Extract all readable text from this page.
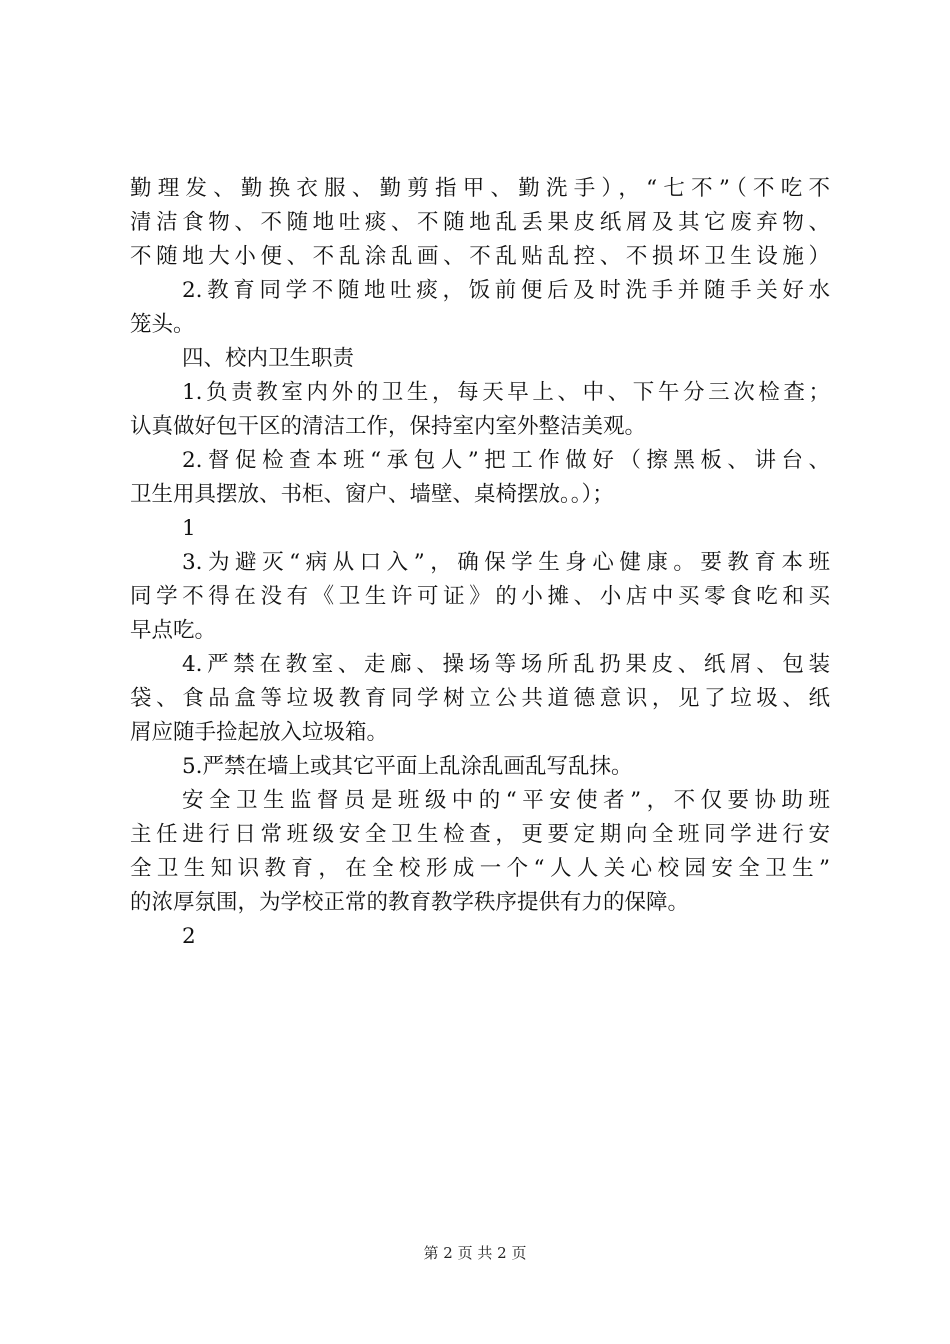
勤理发、勤换衣服、勤剪指甲、勤洗手），“七不”（不吃不
清洁食物、不随地吐痰、不随地乱丢果皮纸屑及其它废弃物、
不随地大小便、不乱涂乱画、不乱贴乱控、不损坏卫生设施）
2.教育同学不随地吐痰，饭前便后及时洗手并随手关好水
笼头。
四、校内卫生职责
1.负责教室内外的卫生，每天早上、中、下午分三次检查；
认真做好包干区的清洁工作，保持室内室外整洁美观。
2.督促检查本班“承包人”把工作做好（擦黑板、讲台、
卫生用具摆放、书柜、窗户、墙壁、桌椅摆放。。）；
1
3.为避灭“病从口入”，确保学生身心健康。要教育本班
同学不得在没有《卫生许可证》的小摊、小店中买零食吃和买
早点吃。
4.严禁在教室、走廊、操场等场所乱扔果皮、纸屑、包装
袋、食品盒等垃圾教育同学树立公共道德意识，见了垃圾、纸
屑应随手捡起放入垃圾箱。
5.严禁在墙上或其它平面上乱涂乱画乱写乱抹。
安全卫生监督员是班级中的“平安使者”，不仅要协助班
主任进行日常班级安全卫生检查，更要定期向全班同学进行安
全卫生知识教育，在全校形成一个“人人关心校园安全卫生”
的浓厚氛围，为学校正常的教育教学秩序提供有力的保障。
2
第 2 页 共 2 页
